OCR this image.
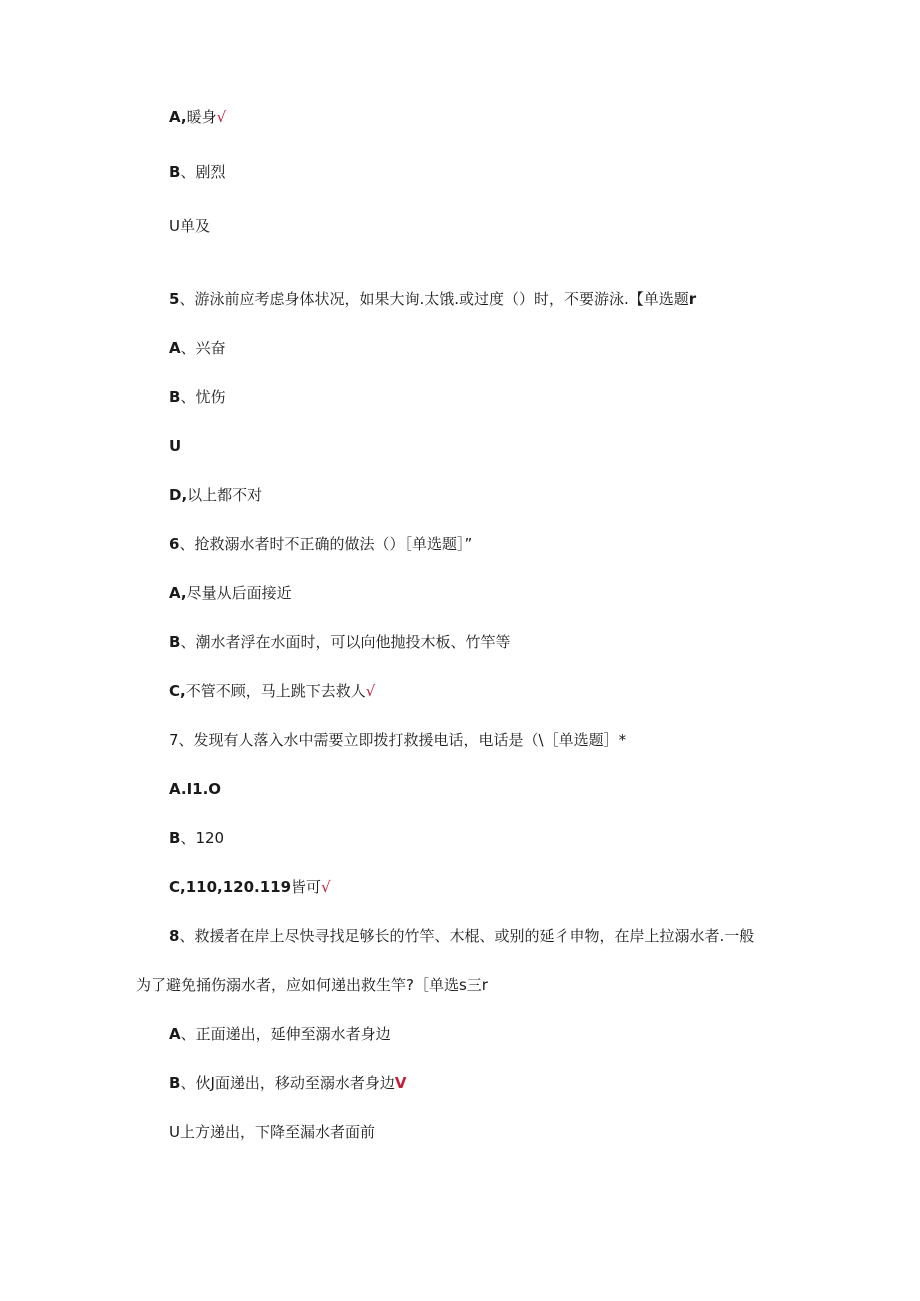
A,暖身√
B、剧烈
U单及
5、游泳前应考虑身体状况，如果大询.太饿.或过度（）时，不要游泳.【单选题r
A、兴奋
B、忧伤
U
D,以上都不对
6、抢救溺水者时不正确的做法（）［单选题］”
A,尽量从后面接近
B、潮水者浮在水面时，可以向他抛投木板、竹竿等
C,不管不顾，马上跳下去救人√
7、发现有人落入水中需要立即拨打救援电话，电话是（\［单选题］*
A.I1.O
B、120
C,110,120.119皆可√
8、救援者在岸上尽快寻找足够长的竹竿、木棍、或别的延彳申物，在岸上拉溺水者.一般
为了避免捅伤溺水者，应如何递出救生竿?［单选s三r
A、正面递出，延伸至溺水者身边
B、伙J面递出，移动至溺水者身边V
U上方递出，下降至漏水者面前
